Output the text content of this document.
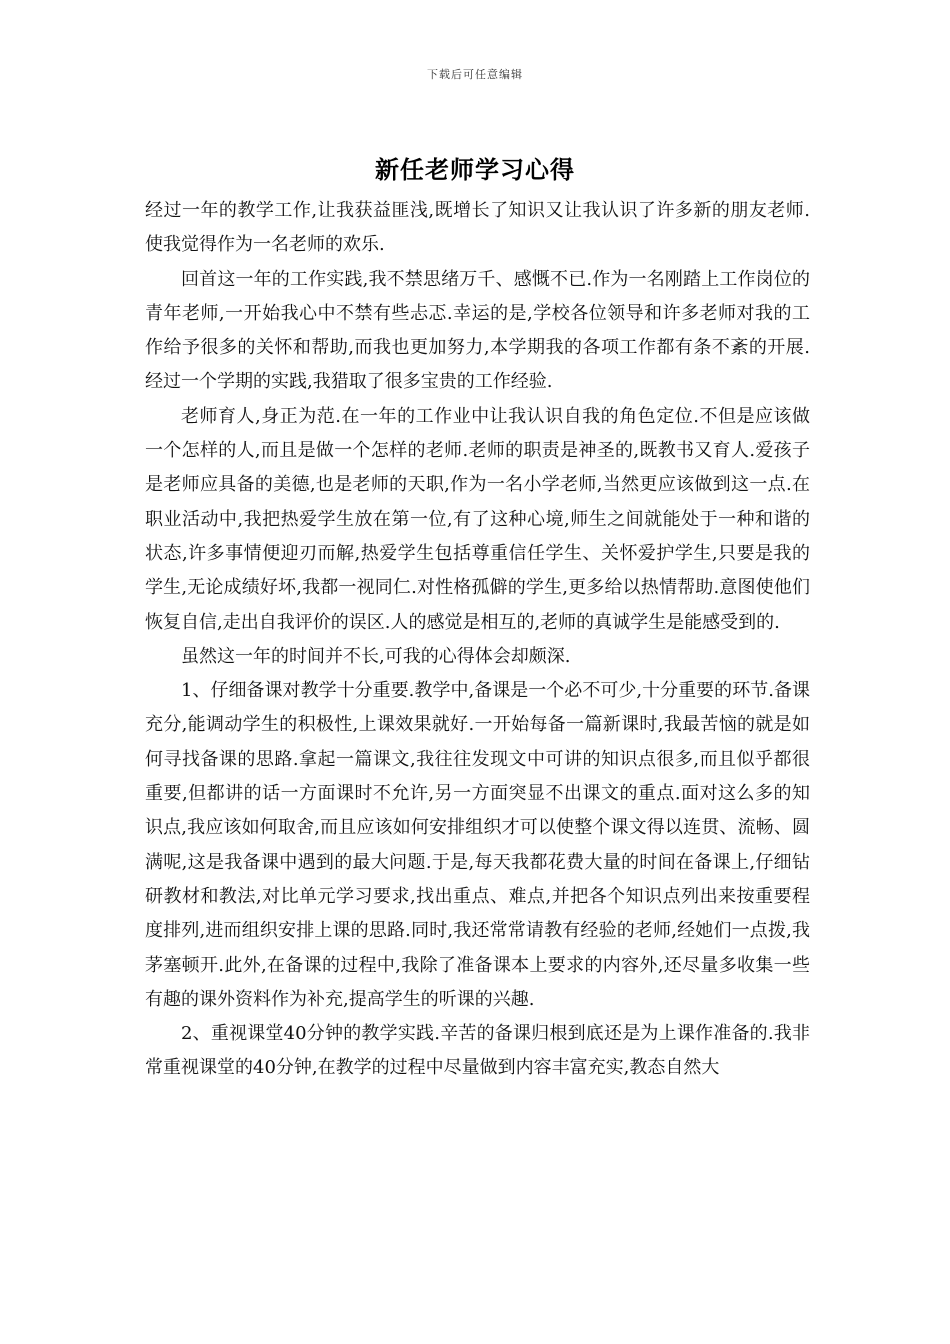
下载后可任意编辑
新任老师学习心得

经过一年的教学工作,让我获益匪浅,既增长了知识又让我认识了许多新的朋友老师.使我觉得作为一名老师的欢乐.

回首这一年的工作实践,我不禁思绪万千、感慨不已.作为一名刚踏上工作岗位的青年老师,一开始我心中不禁有些忐忑.幸运的是,学校各位领导和许多老师对我的工作给予很多的关怀和帮助,而我也更加努力,本学期我的各项工作都有条不紊的开展.经过一个学期的实践,我猎取了很多宝贵的工作经验.

老师育人,身正为范.在一年的工作业中让我认识自我的角色定位.不但是应该做一个怎样的人,而且是做一个怎样的老师.老师的职责是神圣的,既教书又育人.爱孩子是老师应具备的美德,也是老师的天职,作为一名小学老师,当然更应该做到这一点.在职业活动中,我把热爱学生放在第一位,有了这种心境,师生之间就能处于一种和谐的状态,许多事情便迎刃而解,热爱学生包括尊重信任学生、关怀爱护学生,只要是我的学生,无论成绩好坏,我都一视同仁.对性格孤僻的学生,更多给以热情帮助.意图使他们恢复自信,走出自我评价的误区.人的感觉是相互的,老师的真诚学生是能感受到的.

虽然这一年的时间并不长,可我的心得体会却颇深.

1、仔细备课对教学十分重要.教学中,备课是一个必不可少,十分重要的环节.备课充分,能调动学生的积极性,上课效果就好.一开始每备一篇新课时,我最苦恼的就是如何寻找备课的思路.拿起一篇课文,我往往发现文中可讲的知识点很多,而且似乎都很重要,但都讲的话一方面课时不允许,另一方面突显不出课文的重点.面对这么多的知识点,我应该如何取舍,而且应该如何安排组织才可以使整个课文得以连贯、流畅、圆满呢,这是我备课中遇到的最大问题.于是,每天我都花费大量的时间在备课上,仔细钻研教材和教法,对比单元学习要求,找出重点、难点,并把各个知识点列出来按重要程度排列,进而组织安排上课的思路.同时,我还常常请教有经验的老师,经她们一点拨,我茅塞顿开.此外,在备课的过程中,我除了准备课本上要求的内容外,还尽量多收集一些有趣的课外资料作为补充,提高学生的听课的兴趣.

2、重视课堂40分钟的教学实践.辛苦的备课归根到底还是为上课作准备的.我非常重视课堂的40分钟,在教学的过程中尽量做到内容丰富充实,教态自然大
